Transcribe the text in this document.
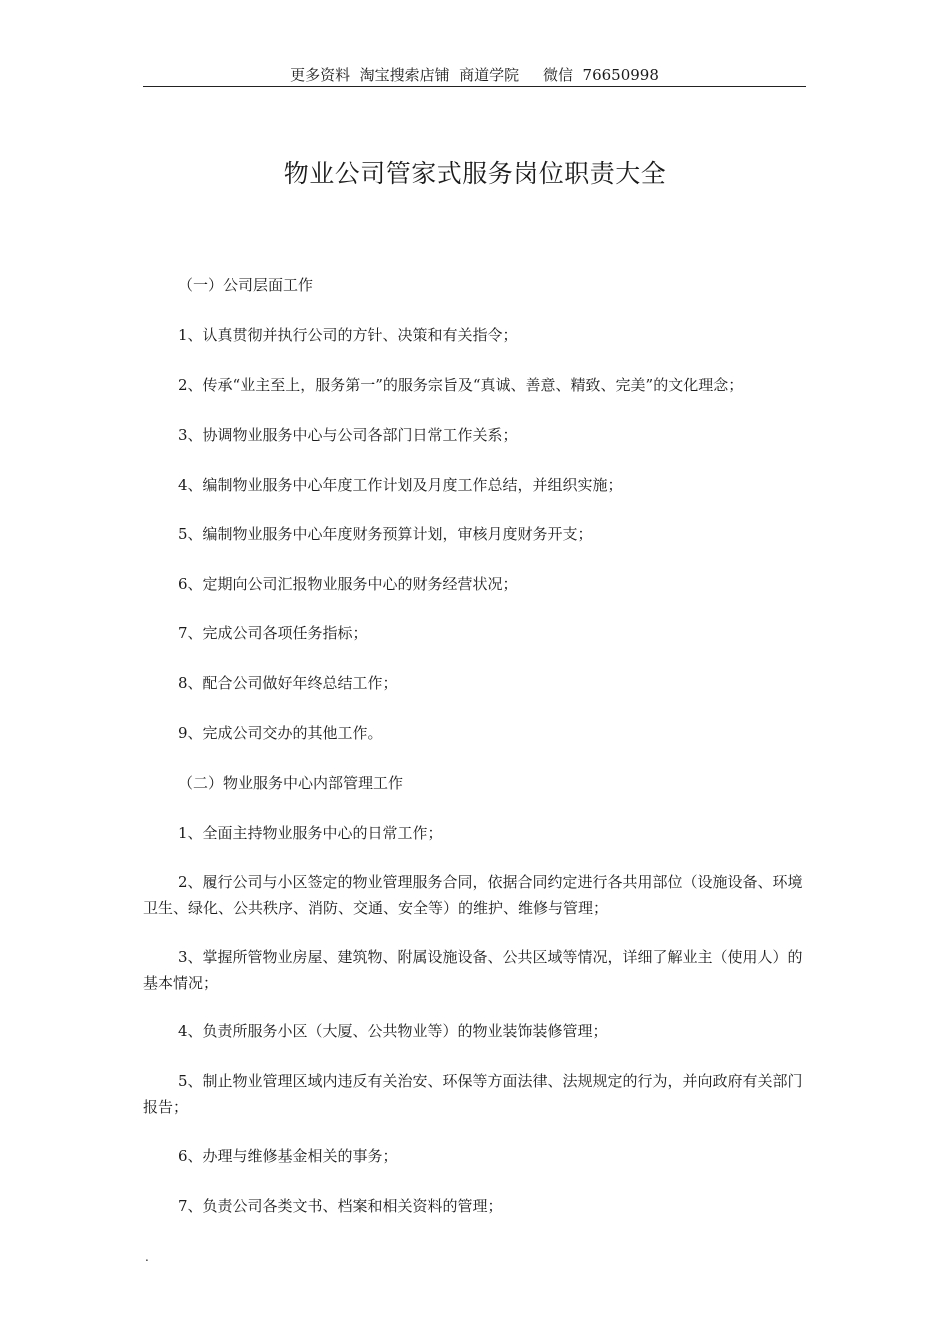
更多资料  淘宝搜索店铺  商道学院     微信  76650998
物业公司管家式服务岗位职责大全

（一）公司层面工作

1、认真贯彻并执行公司的方针、决策和有关指令；

2、传承“业主至上，服务第一”的服务宗旨及“真诚、善意、精致、完美”的文化理念；

3、协调物业服务中心与公司各部门日常工作关系；

4、编制物业服务中心年度工作计划及月度工作总结，并组织实施；

5、编制物业服务中心年度财务预算计划，审核月度财务开支；

6、定期向公司汇报物业服务中心的财务经营状况；

7、完成公司各项任务指标；

8、配合公司做好年终总结工作；

9、完成公司交办的其他工作。

（二）物业服务中心内部管理工作

1、全面主持物业服务中心的日常工作；

2、履行公司与小区签定的物业管理服务合同，依据合同约定进行各共用部位（设施设备、环境卫生、绿化、公共秩序、消防、交通、安全等）的维护、维修与管理；

3、掌握所管物业房屋、建筑物、附属设施设备、公共区域等情况，详细了解业主（使用人）的基本情况；

4、负责所服务小区（大厦、公共物业等）的物业装饰装修管理；

5、制止物业管理区域内违反有关治安、环保等方面法律、法规规定的行为，并向政府有关部门报告；

6、办理与维修基金相关的事务；

7、负责公司各类文书、档案和相关资料的管理；

.
